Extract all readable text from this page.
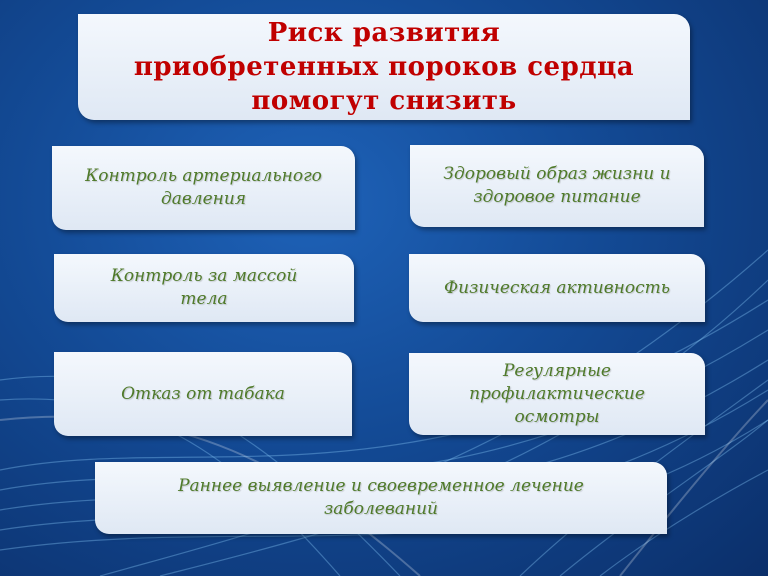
Риск развития
приобретенных пороков сердца
помогут снизить
Контроль артериального
давления
Здоровый образ жизни и
здоровое питание
Контроль за массой
тела
Физическая активность
Отказ от табака
Регулярные
профилактические
осмотры
Раннее выявление и своевременное лечение
заболеваний
